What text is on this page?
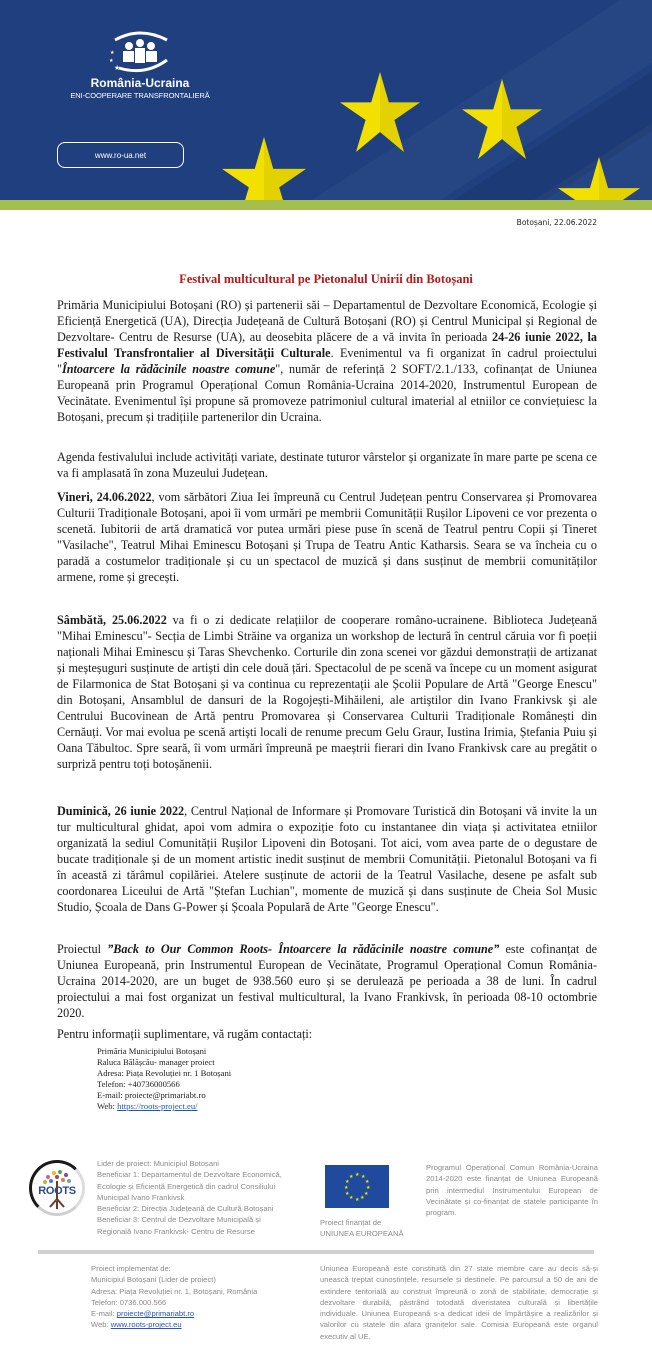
★
★
★
România-Ucraina
ENI-COOPERARE TRANSFRONTALIERĂ
www.ro-ua.net
Botoșani, 22.06.2022
Festival multicultural pe Pietonalul Unirii din Botoșani

Primăria Municipiului Botoșani (RO) și partenerii săi – Departamentul de Dezvoltare Economică, Ecologie și Eficiență Energetică (UA), Direcția Județeană de Cultură Botoșani (RO) și Centrul Municipal și Regional de Dezvoltare- Centru de Resurse (UA), au deosebita plăcere de a vă invita în perioada 24-26 iunie 2022, la Festivalul Transfrontalier al Diversității Culturale. Evenimentul va fi organizat în cadrul proiectului "Întoarcere la rădăcinile noastre comune", număr de referință 2 SOFT/2.1./133, cofinanțat de Uniunea Europeană prin Programul Operațional Comun România-Ucraina 2014-2020, Instrumentul European de Vecinătate. Evenimentul își propune să promoveze patrimoniul cultural imaterial al etniilor ce conviețuiesc la Botoșani, precum și tradițiile partenerilor din Ucraina.

Agenda festivalului include activități variate, destinate tuturor vârstelor și organizate în mare parte pe scena ce va fi amplasată în zona Muzeului Județean.

Vineri, 24.06.2022, vom sărbători Ziua Iei împreună cu Centrul Județean pentru Conservarea și Promovarea Culturii Tradiționale Botoșani, apoi îi vom urmări pe membrii Comunității Rușilor Lipoveni ce vor prezenta o scenetă. Iubitorii de artă dramatică vor putea urmări piese puse în scenă de Teatrul pentru Copii și Tineret "Vasilache", Teatrul Mihai Eminescu Botoșani și Trupa de Teatru Antic Katharsis. Seara se va încheia cu o paradă a costumelor tradiționale și cu un spectacol de muzică și dans susținut de membrii comunităților armene, rome și grecești.

Sâmbătă, 25.06.2022 va fi o zi dedicate relațiilor de cooperare româno-ucrainene. Biblioteca Județeană "Mihai Eminescu"- Secția de Limbi Străine va organiza un workshop de lectură în centrul căruia vor fi poeții naționali Mihai Eminescu și Taras Shevchenko. Corturile din zona scenei vor găzdui demonstrații de artizanat și meșteșuguri susținute de artiști din cele două țări. Spectacolul de pe scenă va începe cu un moment asigurat de Filarmonica de Stat Botoșani și va continua cu reprezentații ale Școlii Populare de Artă "George Enescu" din Botoșani, Ansamblul de dansuri de la Rogojești-Mihăileni, ale artiștilor din Ivano Frankivsk și ale Centrului Bucovinean de Artă pentru Promovarea și Conservarea Culturii Tradiționale Românești din Cernăuți. Vor mai evolua pe scenă artiști locali de renume precum Gelu Graur, Iustina Irimia, Ștefania Puiu și Oana Tăbultoc. Spre seară, îi vom urmări împreună pe maeștrii fierari din Ivano Frankivsk care au pregătit o surpriză pentru toți botoșănenii.

Duminică, 26 iunie 2022, Centrul Național de Informare și Promovare Turistică din Botoșani vă invite la un tur multicultural ghidat, apoi vom admira o expoziție foto cu instantanee din viața și activitatea etniilor organizată la sediul Comunității Rușilor Lipoveni din Botoșani. Tot aici, vom avea parte de o degustare de bucate tradiționale și de un moment artistic inedit susținut de membrii Comunității. Pietonalul Botoșani va fi în această zi tărâmul copilăriei. Atelere susținute de actorii de la Teatrul Vasilache, desene pe asfalt sub coordonarea Liceului de Artă "Ștefan Luchian", momente de muzică și dans susținute de Cheia Sol Music Studio, Școala de Dans G-Power și Școala Populară de Arte "George Enescu".

Proiectul ”Back to Our Common Roots- Întoarcere la rădăcinile noastre comune” este cofinanțat de Uniunea Europeană, prin Instrumentul European de Vecinătate, Programul Operațional Comun România-Ucraina 2014-2020, are un buget de 938.560 euro și se derulează pe perioada a 38 de luni. În cadrul proiectului a mai fost organizat un festival multicultural, la Ivano Frankivsk, în perioada 08-10 octombrie 2020.

Pentru informații suplimentare, vă rugăm contactați:

Primăria Municipiului Botoșani
Raluca Bălășcău- manager proiect
Adresa: Piața Revoluției nr. 1 Botoșani
Telefon: +40736000566
E-mail: proiecte@primariabt.ro
Web: https://roots-project.eu/
ROOTS
Lider de proiect: Municipiul Botoșani
Beneficiar 1: Departamentul de Dezvoltare Economică, Ecologie și Eficiență Energetică din cadrul Consiliului Municipal Ivano Frankivsk
Beneficiar 2: Direcția Județeană de Cultură Botoșani
Beneficiar 3: Centrul de Dezvoltare Municipală și Regională Ivano Frankivsk- Centru de Resurse
★ ★
★
★
★
★
★
★
★
★
★
★
Proiect finanțat de
UNIUNEA EUROPEANĂ
Programul Operațional Comun România-Ucraina 2014-2020 este finanțat de Uniunea Europeană prin intermediul Instrumentului European de Vecinătate și co-finanțat de statele participante în program.
Proiect implementat de:
Municipiul Botoșani (Lider de proiect)
Adresa: Piața Revoluției nr. 1, Botoșani, România
Telefon: 0736.000.566
E-mail: proiecte@primariabt.ro
Web: www.roots-project.eu
Uniunea Europeană este constituită din 27 state membre care au decis să-și unească treptat cunoștințele, resursele și destinele. Pe parcursul a 50 de ani de extindere teritorială au construit împreună o zonă de stabilitate, democrație și dezvoltare durabilă, păstrând totodată diveristatea culturală și libertățile individuale. Uniunea Europeană s-a dedicat ideii de împărtășire a realizărilor și valorilor cu statele din afara granițelor sale. Comisia Europeană este organul executiv al UE.
